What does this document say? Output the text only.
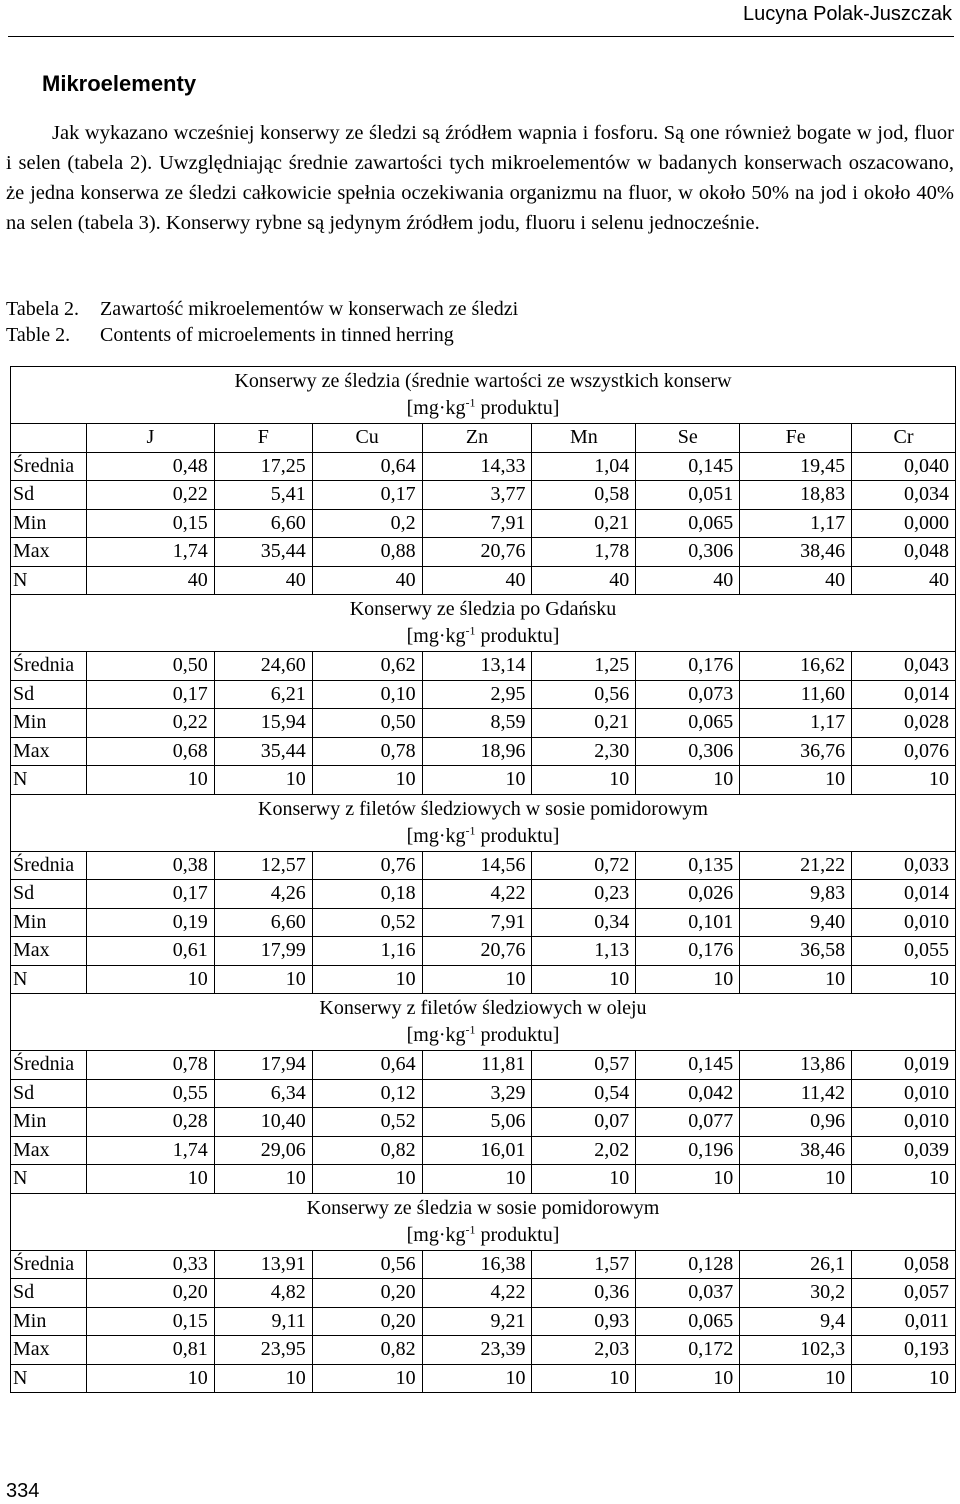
Lucyna Polak-Juszczak
Mikroelementy

Jak wykazano wcześniej konserwy ze śledzi są źródłem wapnia i fosforu. Są one również bogate w jod, fluor i selen (tabela 2). Uwzględniając średnie zawartości tych mikroelementów w badanych konserwach oszacowano, że jedna konserwa ze śledzi całkowicie spełnia oczekiwania organizmu na fluor, w około 50% na jod i około 40% na selen (tabela 3). Konserwy rybne są jedynym źródłem jodu, fluoru i selenu jednocześnie.

Tabela 2. Zawartość mikroelementów w konserwach ze śledzi
Table 2. Contents of microelements in tinned herring
Konserwy ze śledzia (średnie wartości ze wszystkich konserw
[$mg\cdot kg^{-1}$ produktu]								

	J	F	Cu	Zn	Mn	Se	Fe	Cr
Średnia	0,48	17,25	0,64	14,33	1,04	0,145	19,45	0,040
Sd	0,22	5,41	0,17	3,77	0,58	0,051	18,83	0,034
Min	0,15	6,60	0,2	7,91	0,21	0,065	1,17	0,000
Max	1,74	35,44	0,88	20,76	1,78	0,306	38,46	0,048
N	40	40	40	40	40	40	40	40

Konserwy ze śledzia po Gdańsku
[$mg\cdot kg^{-1}$ produktu]								

Średnia	0,50	24,60	0,62	13,14	1,25	0,176	16,62	0,043
Sd	0,17	6,21	0,10	2,95	0,56	0,073	11,60	0,014
Min	0,22	15,94	0,50	8,59	0,21	0,065	1,17	0,028
Max	0,68	35,44	0,78	18,96	2,30	0,306	36,76	0,076
N	10	10	10	10	10	10	10	10

Konserwy z filetów śledziowych w sosie pomidorowym
[$mg\cdot kg^{-1}$ produktu]								

Średnia	0,38	12,57	0,76	14,56	0,72	0,135	21,22	0,033
Sd	0,17	4,26	0,18	4,22	0,23	0,026	9,83	0,014
Min	0,19	6,60	0,52	7,91	0,34	0,101	9,40	0,010
Max	0,61	17,99	1,16	20,76	1,13	0,176	36,58	0,055
N	10	10	10	10	10	10	10	10

Konserwy z filetów śledziowych w oleju
[$mg\cdot kg^{-1}$ produktu]								

Średnia	0,78	17,94	0,64	11,81	0,57	0,145	13,86	0,019
Sd	0,55	6,34	0,12	3,29	0,54	0,042	11,42	0,010
Min	0,28	10,40	0,52	5,06	0,07	0,077	0,96	0,010
Max	1,74	29,06	0,82	16,01	2,02	0,196	38,46	0,039
N	10	10	10	10	10	10	10	10

Konserwy ze śledzia w sosie pomidorowym
[$mg\cdot kg^{-1}$ produktu]								

Średnia	0,33	13,91	0,56	16,38	1,57	0,128	26,1	0,058
Sd	0,20	4,82	0,20	4,22	0,36	0,037	30,2	0,057
Min	0,15	9,11	0,20	9,21	0,93	0,065	9,4	0,011
Max	0,81	23,95	0,82	23,39	2,03	0,172	102,3	0,193
N	10	10	10	10	10	10	10	10
334
